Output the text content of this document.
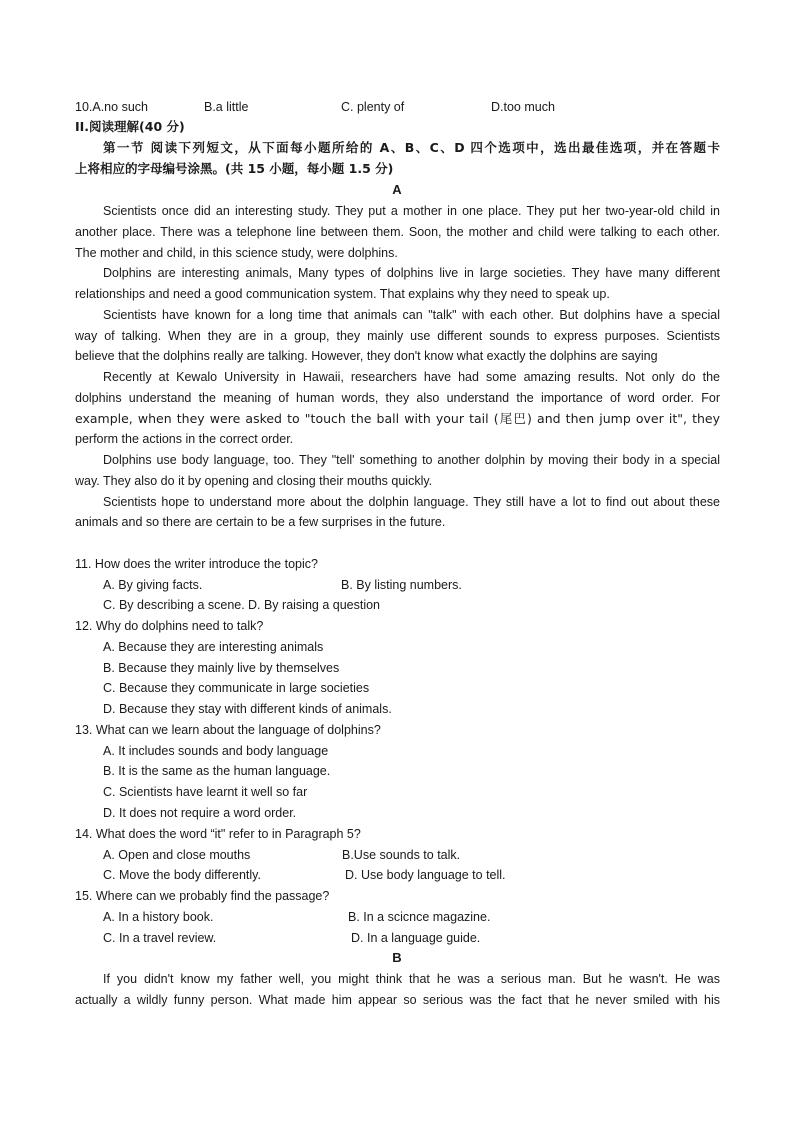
10.A.no such	B.a little	C. plenty of	D.too much
II.阅读理解(40 分)
第一节 阅读下列短文，从下面每小题所给的 A、B、C、D 四个选项中，选出最佳选项，并在答题卡
上将相应的字母编号涂黑。(共 15 小题，每小题 1.5 分)
A
Scientists once did an interesting study. They put a mother in one place. They put her two-year-old child in
another place. There was a telephone line between them. Soon, the mother and child were talking to each other.
The mother and child, in this science study, were dolphins.
Dolphins are interesting animals, Many types of dolphins live in large societies. They have many different
relationships and need a good communication system. That explains why they need to speak up.
Scientists have known for a long time that animals can "talk" with each other. But dolphins have a special
way of talking. When they are in a group, they mainly use different sounds to express purposes. Scientists
believe that the dolphins really are talking. However, they don't know what exactly the dolphins are saying
Recently at Kewalo University in Hawaii, researchers have had some amazing results. Not only do the
dolphins understand the meaning of human words, they also understand the importance of word order. For
example, when they were asked to "touch the ball with your tail (尾巴) and then jump over it", they
perform the actions in the correct order.
Dolphins use body language, too. They "tell' something to another dolphin by moving their body in a special
way. They also do it by opening and closing their mouths quickly.
Scientists hope to understand more about the dolphin language. They still have a lot to find out about these
animals and so there are certain to be a few surprises in the future.
11. How does the writer introduce the topic?
A. By giving facts.	B. By listing numbers.
C. By describing a scene. D. By raising a question
12. Why do dolphins need to talk?
A. Because they are interesting animals
B. Because they mainly live by themselves
C. Because they communicate in large societies
D. Because they stay with different kinds of animals.
13. What can we learn about the language of dolphins?
A. It includes sounds and body language
B. It is the same as the human language.
C. Scientists have learnt it well so far
D. It does not require a word order.
14. What does the word “it" refer to in Paragraph 5?
A. Open and close mouths	B.Use sounds to talk.
C. Move the body differently.	D. Use body language to tell.
15. Where can we probably find the passage?
A. In a history book.	B. In a scicnce magazine.
C. In a travel review.	D. In a language guide.
B
If you didn't know my father well, you might think that he was a serious man. But he wasn't. He was
actually a wildly funny person. What made him appear so serious was the fact that he never smiled with his
